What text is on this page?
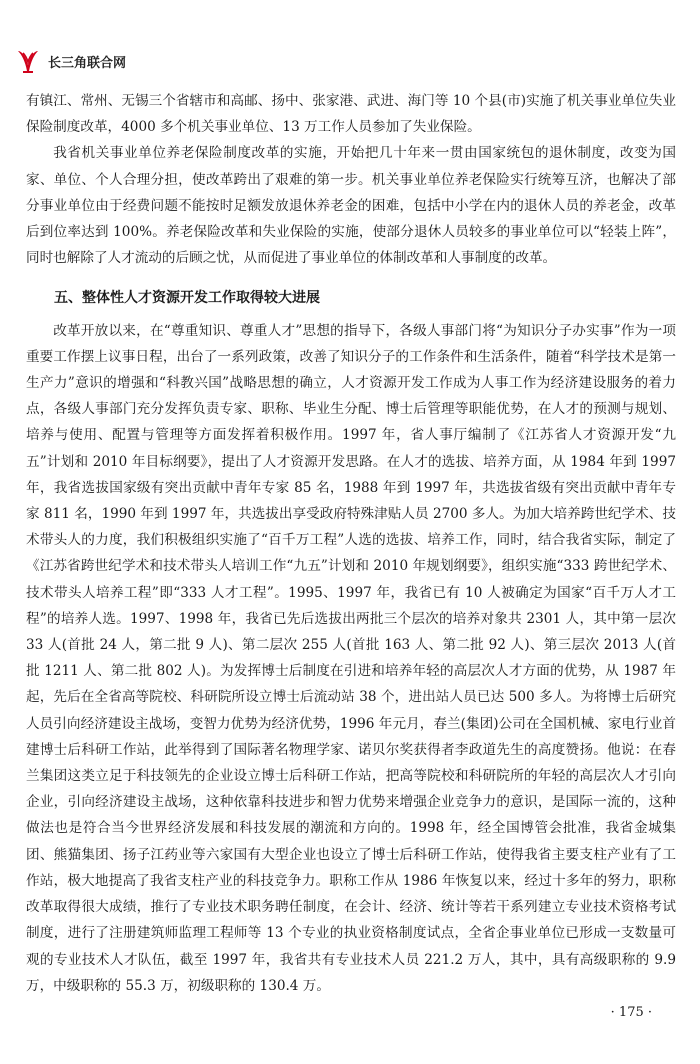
长三角联合网

有镇江、常州、无锡三个省辖市和高邮、扬中、张家港、武进、海门等 10 个县(市)实施了机关事业单位失业保险制度改革，4000 多个机关事业单位、13 万工作人员参加了失业保险。

我省机关事业单位养老保险制度改革的实施，开始把几十年来一贯由国家统包的退休制度，改变为国家、单位、个人合理分担，使改革跨出了艰难的第一步。机关事业单位养老保险实行统筹互济，也解决了部分事业单位由于经费问题不能按时足额发放退休养老金的困难，包括中小学在内的退休人员的养老金，改革后到位率达到 100%。养老保险改革和失业保险的实施，使部分退休人员较多的事业单位可以“轻装上阵”，同时也解除了人才流动的后顾之忧，从而促进了事业单位的体制改革和人事制度的改革。

五、整体性人才资源开发工作取得较大进展

改革开放以来，在“尊重知识、尊重人才”思想的指导下，各级人事部门将“为知识分子办实事”作为一项重要工作摆上议事日程，出台了一系列政策，改善了知识分子的工作条件和生活条件，随着“科学技术是第一生产力”意识的增强和“科教兴国”战略思想的确立，人才资源开发工作成为人事工作为经济建设服务的着力点，各级人事部门充分发挥负责专家、职称、毕业生分配、博士后管理等职能优势，在人才的预测与规划、培养与使用、配置与管理等方面发挥着积极作用。1997 年，省人事厅编制了《江苏省人才资源开发“九五”计划和 2010 年目标纲要》，提出了人才资源开发思路。在人才的选拔、培养方面，从 1984 年到 1997 年，我省选拔国家级有突出贡献中青年专家 85 名，1988 年到 1997 年，共选拔省级有突出贡献中青年专家 811 名，1990 年到 1997 年，共选拔出享受政府特殊津贴人员 2700 多人。为加大培养跨世纪学术、技术带头人的力度，我们积极组织实施了“百千万工程”人选的选拔、培养工作，同时，结合我省实际，制定了《江苏省跨世纪学术和技术带头人培训工作“九五”计划和 2010 年规划纲要》，组织实施“333 跨世纪学术、技术带头人培养工程”即“333 人才工程”。1995、1997 年，我省已有 10 人被确定为国家“百千万人才工程”的培养人选。1997、1998 年，我省已先后选拔出两批三个层次的培养对象共 2301 人，其中第一层次 33 人(首批 24 人，第二批 9 人)、第二层次 255 人(首批 163 人、第二批 92 人)、第三层次 2013 人(首批 1211 人、第二批 802 人)。为发挥博士后制度在引进和培养年轻的高层次人才方面的优势，从 1987 年起，先后在全省高等院校、科研院所设立博士后流动站 38 个，进出站人员已达 500 多人。为将博士后研究人员引向经济建设主战场，变智力优势为经济优势，1996 年元月，春兰(集团)公司在全国机械、家电行业首建博士后科研工作站，此举得到了国际著名物理学家、诺贝尔奖获得者李政道先生的高度赞扬。他说：在春兰集团这类立足于科技领先的企业设立博士后科研工作站，把高等院校和科研院所的年轻的高层次人才引向企业，引向经济建设主战场，这种依靠科技进步和智力优势来增强企业竞争力的意识，是国际一流的，这种做法也是符合当今世界经济发展和科技发展的潮流和方向的。1998 年，经全国博管会批准，我省金城集团、熊猫集团、扬子江药业等六家国有大型企业也设立了博士后科研工作站，使得我省主要支柱产业有了工作站，极大地提高了我省支柱产业的科技竞争力。职称工作从 1986 年恢复以来，经过十多年的努力，职称改革取得很大成绩，推行了专业技术职务聘任制度，在会计、经济、统计等若干系列建立专业技术资格考试制度，进行了注册建筑师监理工程师等 13 个专业的执业资格制度试点，全省企事业单位已形成一支数量可观的专业技术人才队伍，截至 1997 年，我省共有专业技术人员 221.2 万人，其中，具有高级职称的 9.9 万，中级职称的 55.3 万，初级职称的 130.4 万。

· 175 ·
